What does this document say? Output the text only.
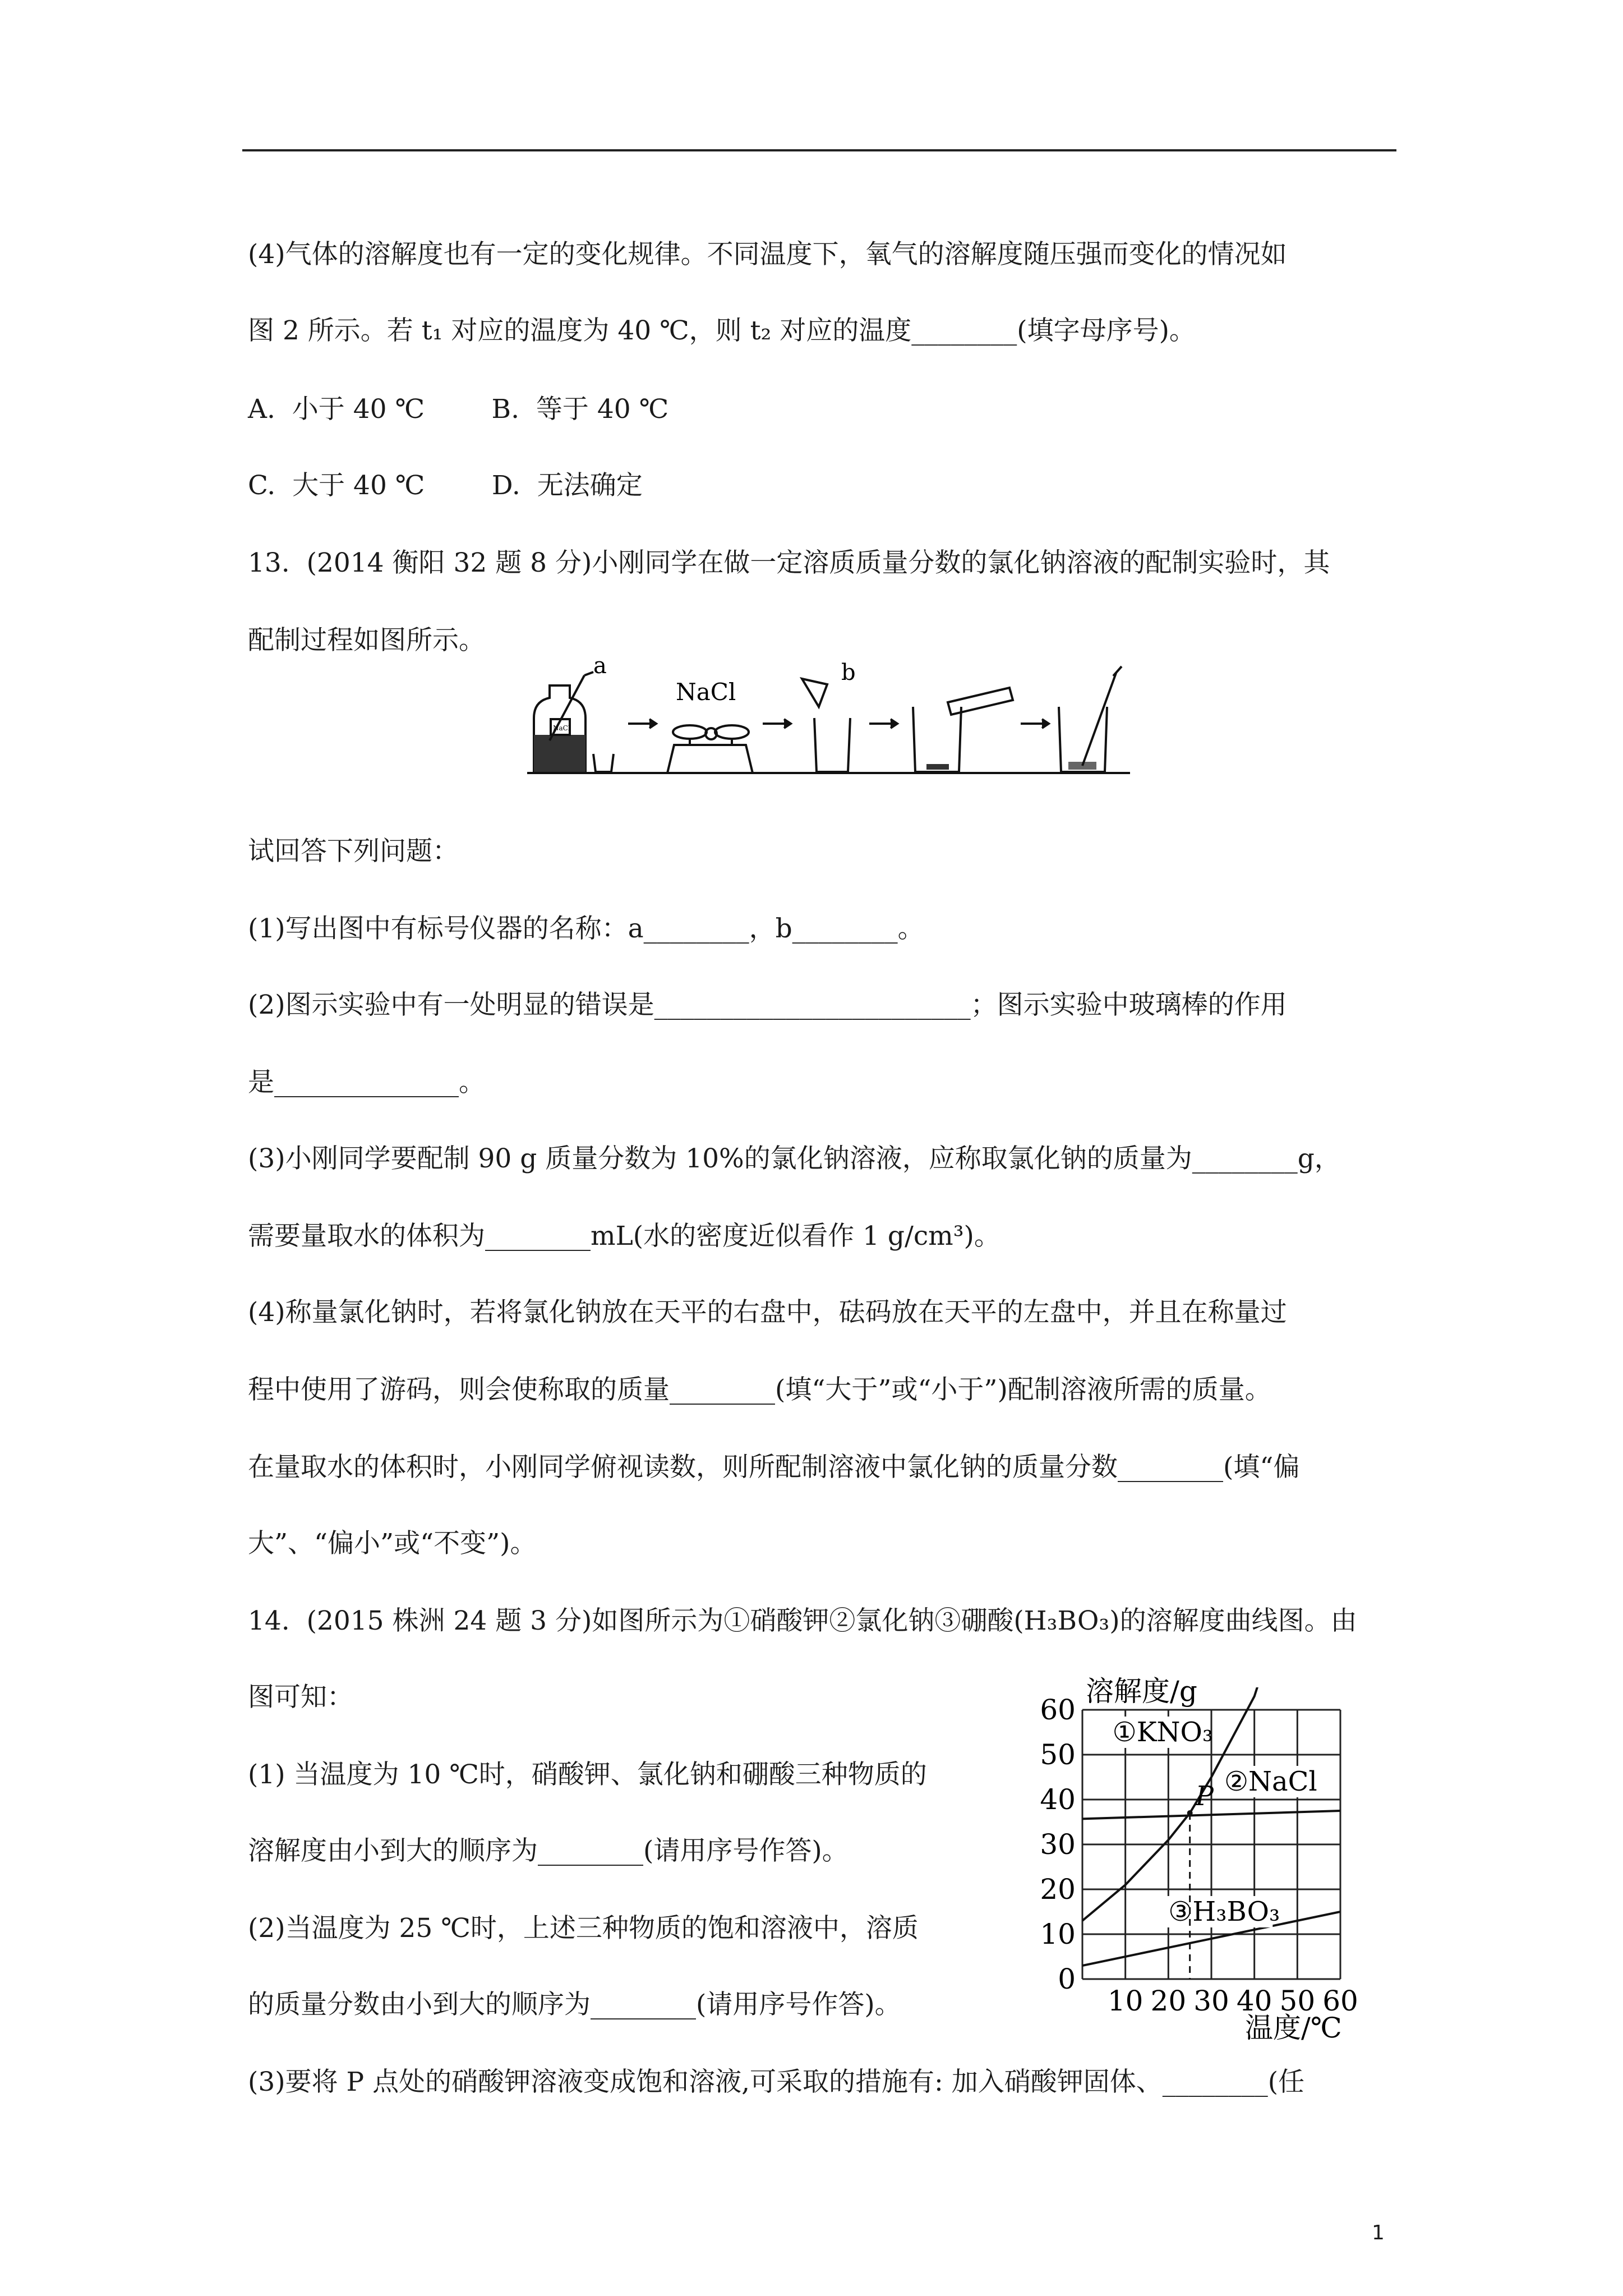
(4)气体的溶解度也有一定的变化规律。不同温度下，氧气的溶解度随压强而变化的情况如
图 2 所示。若 t₁ 对应的温度为 40 ℃，则 t₂ 对应的温度________(填字母序号)。
A.  小于 40 ℃        B.  等于 40 ℃
C.  大于 40 ℃        D.  无法确定
13.  (2014 衡阳 32 题 8 分)小刚同学在做一定溶质质量分数的氯化钠溶液的配制实验时，其
配制过程如图所示。
a
NaCl
b
NaCl
试回答下列问题：
(1)写出图中有标号仪器的名称：a________，b________。
(2)图示实验中有一处明显的错误是________________________；图示实验中玻璃棒的作用
是______________。
(3)小刚同学要配制 90 g 质量分数为 10%的氯化钠溶液，应称取氯化钠的质量为________g，
需要量取水的体积为________mL(水的密度近似看作 1 g/cm³)。
(4)称量氯化钠时，若将氯化钠放在天平的右盘中，砝码放在天平的左盘中，并且在称量过
程中使用了游码，则会使称取的质量________(填“大于”或“小于”)配制溶液所需的质量。
在量取水的体积时，小刚同学俯视读数，则所配制溶液中氯化钠的质量分数________(填“偏
大”、“偏小”或“不变”)。
14.  (2015 株洲 24 题 3 分)如图所示为①硝酸钾②氯化钠③硼酸(H₃BO₃)的溶解度曲线图。由
图可知：
(1) 当温度为 10 ℃时，硝酸钾、氯化钠和硼酸三种物质的
溶解度由小到大的顺序为________(请用序号作答)。
(2)当温度为 25 ℃时，上述三种物质的饱和溶液中，溶质
的质量分数由小到大的顺序为________(请用序号作答)。
(3)要将 P 点处的硝酸钾溶液变成饱和溶液,可采取的措施有: 加入硝酸钾固体、________(任
①KNO₃
②NaCl
③H₃BO₃
P
0
10
20
30
40
50
60
10 20 30 40 50 60
溶解度/g
温度/℃
1
